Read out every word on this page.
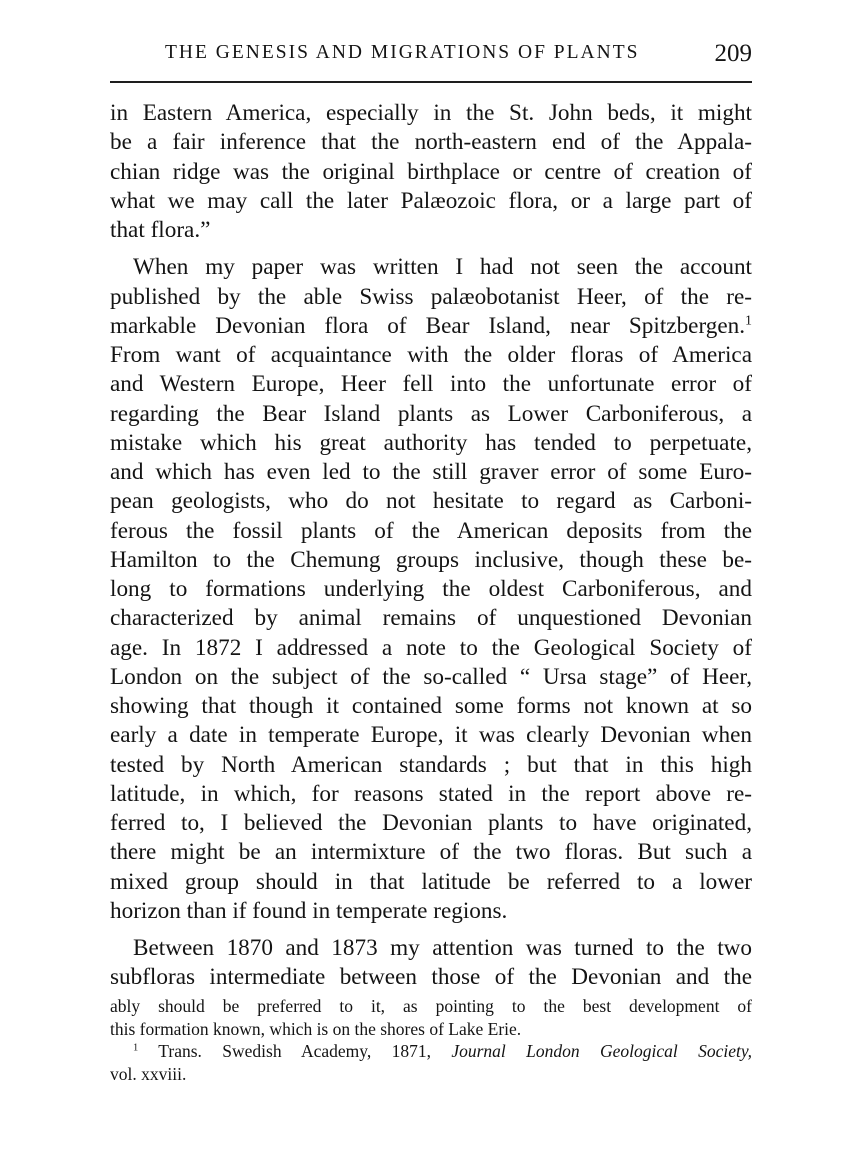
THE GENESIS AND MIGRATIONS OF PLANTS	209
in Eastern America, especially in the St. John beds, it might
be a fair inference that the north-eastern end of the Appala-
chian ridge was the original birthplace or centre of creation of
what we may call the later Palæozoic flora, or a large part of
that flora.”
When my paper was written I had not seen the account
published by the able Swiss palæobotanist Heer, of the re-
markable Devonian flora of Bear Island, near Spitzbergen.$^1$
From want of acquaintance with the older floras of America
and Western Europe, Heer fell into the unfortunate error of
regarding the Bear Island plants as Lower Carboniferous, a
mistake which his great authority has tended to perpetuate,
and which has even led to the still graver error of some Euro-
pean geologists, who do not hesitate to regard as Carboni-
ferous the fossil plants of the American deposits from the
Hamilton to the Chemung groups inclusive, though these be-
long to formations underlying the oldest Carboniferous, and
characterized by animal remains of unquestioned Devonian
age. In 1872 I addressed a note to the Geological Society of
London on the subject of the so-called “ Ursa stage” of Heer,
showing that though it contained some forms not known at so
early a date in temperate Europe, it was clearly Devonian when
tested by North American standards ; but that in this high
latitude, in which, for reasons stated in the report above re-
ferred to, I believed the Devonian plants to have originated,
there might be an intermixture of the two floras. But such a
mixed group should in that latitude be referred to a lower
horizon than if found in temperate regions.
Between 1870 and 1873 my attention was turned to the two
subfloras intermediate between those of the Devonian and the
ably should be preferred to it, as pointing to the best development of
this formation known, which is on the shores of Lake Erie.
$^1$ Trans. Swedish Academy, 1871, Journal London Geological Society,
vol. xxviii.
